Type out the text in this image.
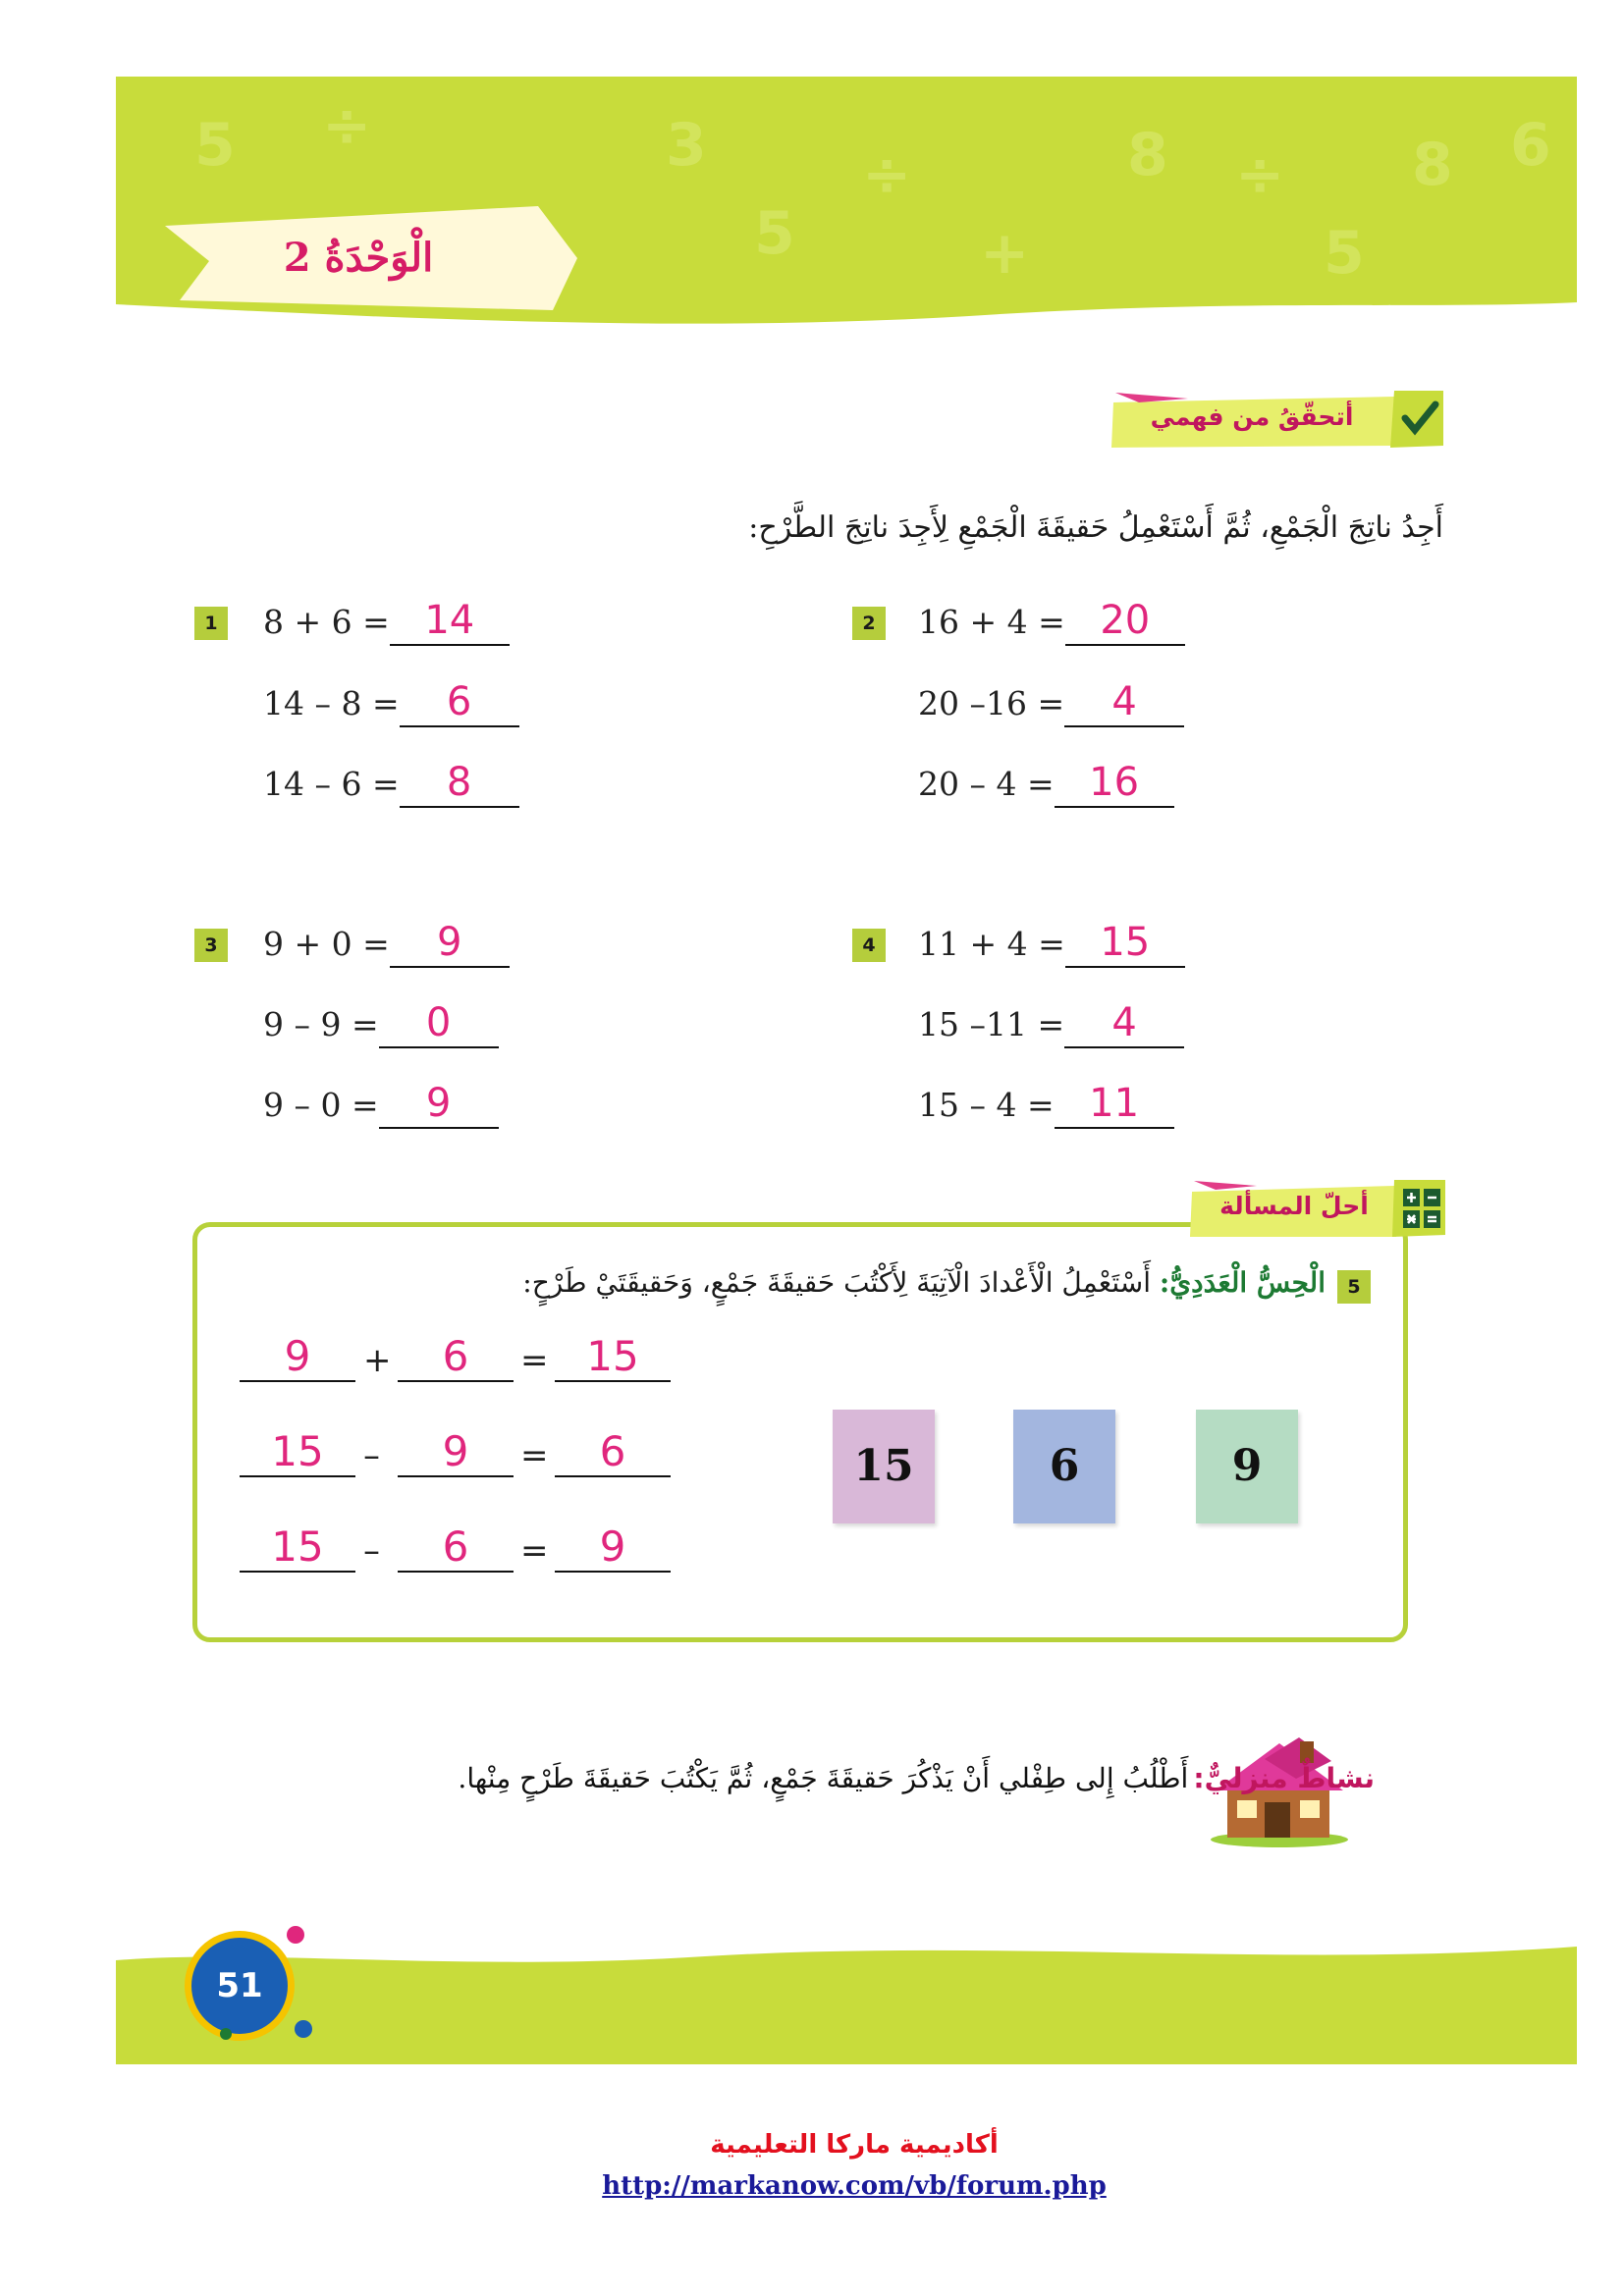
5 ÷	3
5
÷
+
8 ÷
5
8 6
الْوَحْدَةُ 2
أتحقّقُ من فهمي
أَجِدُ ناتِجَ الْجَمْعِ، ثُمَّ أَسْتَعْمِلُ حَقيقَةَ الْجَمْعِ لِأَجِدَ ناتِجَ الطَّرْحِ:
1	8 + 6 = 14
14 – 8 =	6
14 – 6 =	8
2	16 + 4 = 20
20 –16 =	4
20 – 4 = 16
3	9 + 0 =	9
9 – 9 =	0
9 – 0 =	9
4	11 + 4 = 15
15 –11 =	4
15 – 4 = 11
أحلّ المسألة
5
الْحِسُّ الْعَدَدِيُّ: أَسْتَعْمِلُ الْأَعْدادَ الْآتِيَةَ لِأَكْتُبَ حَقيقَةَ جَمْعٍ، وَحَقيقَتَيْ طَرْحٍ:
9	+	6	= 15
15	–	9	=	6
15	–	6	=	9
15	6	9
نشاطٌ منزليٌّ: أَطْلُبُ إِلى طِفْلي أَنْ يَذْكُرَ حَقيقَةَ جَمْعٍ، ثُمَّ يَكْتُبَ حَقيقَةَ طَرْحٍ مِنْها.
51
أكاديمية ماركا التعليمية
http://markanow.com/vb/forum.php
